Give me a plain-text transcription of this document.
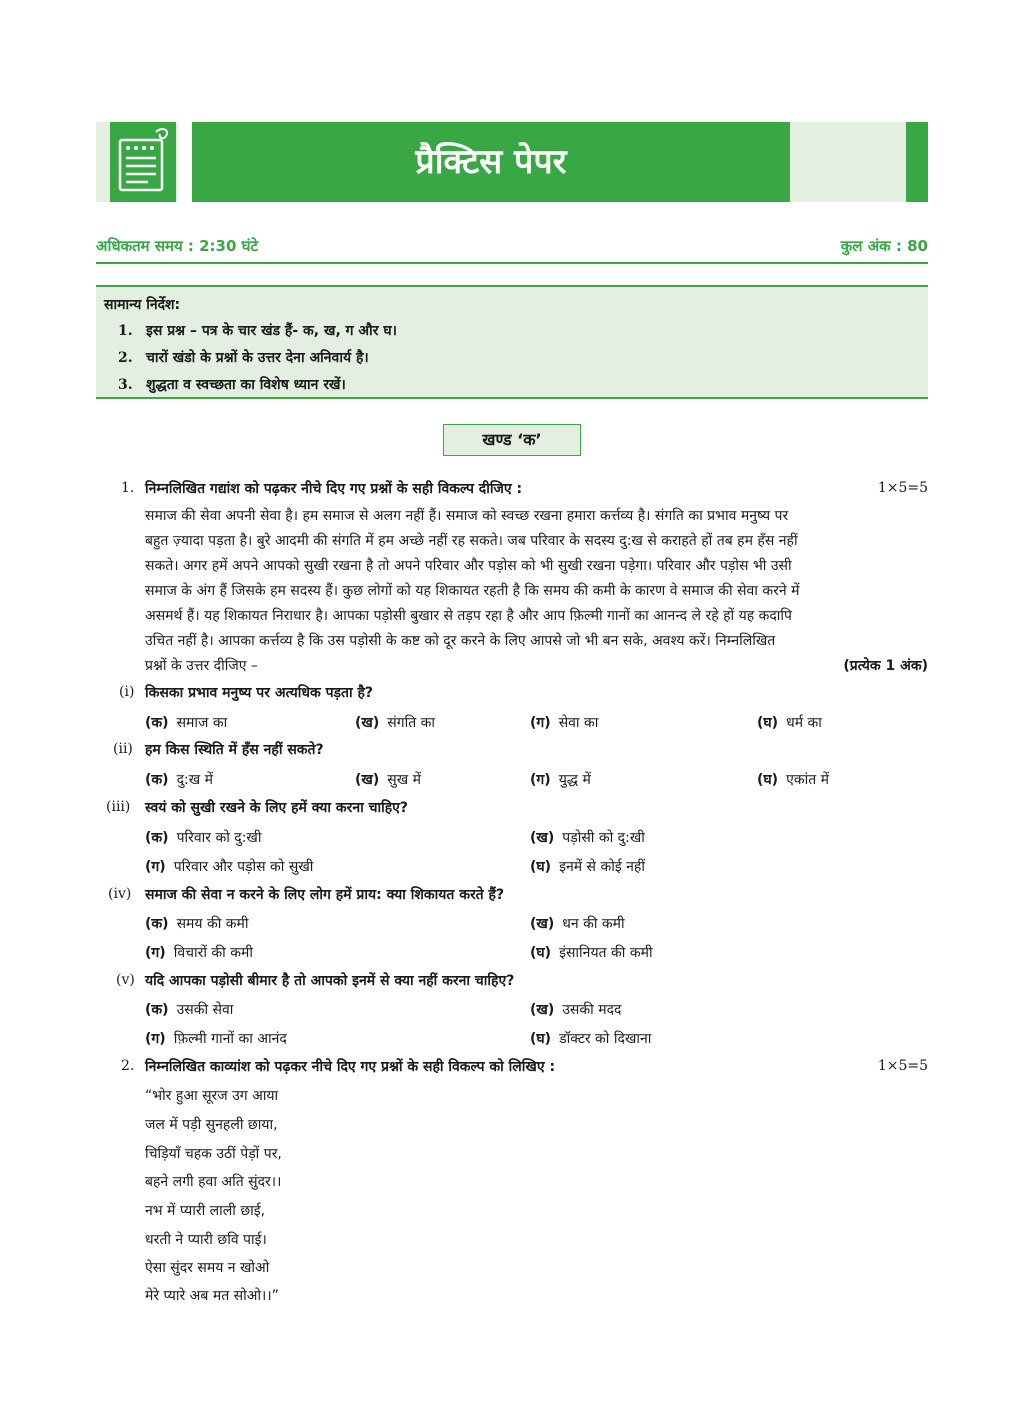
प्रैक्टिस पेपर
अधिकतम समय : 2:30 घंटे	कुल अंक : 80
सामान्य निर्देश:
1. इस प्रश्न – पत्र के चार खंड हैं- क, ख, ग और घ।
2. चारों खंडो के प्रश्नों के उत्तर देना अनिवार्य है।
3. शुद्धता व स्वच्छता का विशेष ध्यान रखें।
खण्ड ‘क’
1. निम्नलिखित गद्यांश को पढ़कर नीचे दिए गए प्रश्नों के सही विकल्प दीजिए :	1×5=5
समाज की सेवा अपनी सेवा है। हम समाज से अलग नहीं हैं। समाज को स्वच्छ रखना हमारा कर्त्तव्य है। संगति का प्रभाव मनुष्य पर
बहुत ज़्यादा पड़ता है। बुरे आदमी की संगति में हम अच्छे नहीं रह सकते। जब परिवार के सदस्य दु:ख से कराहते हों तब हम हँस नहीं
सकते। अगर हमें अपने आपको सुखी रखना है तो अपने परिवार और पड़ोस को भी सुखी रखना पड़ेगा। परिवार और पड़ोस भी उसी
समाज के अंग हैं जिसके हम सदस्य हैं। कुछ लोगों को यह शिकायत रहती है कि समय की कमी के कारण वे समाज की सेवा करने में
असमर्थ हैं। यह शिकायत निराधार है। आपका पड़ोसी बुखार से तड़प रहा है और आप फ़िल्मी गानों का आनन्द ले रहे हों यह कदापि
उचित नहीं है। आपका कर्त्तव्य है कि उस पड़ोसी के कष्ट को दूर करने के लिए आपसे जो भी बन सके, अवश्य करें। निम्नलिखित
प्रश्नों के उत्तर दीजिए –	(प्रत्येक 1 अंक)
(i) किसका प्रभाव मनुष्य पर अत्यधिक पड़ता है?
(क) समाज का	(ख) संगति का	(ग) सेवा का	(घ) धर्म का
(ii) हम किस स्थिति में हँस नहीं सकते?
(क) दु:ख में	(ख) सुख में	(ग) युद्ध में	(घ) एकांत में
(iii) स्वयं को सुखी रखने के लिए हमें क्या करना चाहिए?
(क) परिवार को दु:खी	(ख) पड़ोसी को दु:खी
(ग) परिवार और पड़ोस को सुखी	(घ) इनमें से कोई नहीं
(iv) समाज की सेवा न करने के लिए लोग हमें प्राय: क्या शिकायत करते हैं?
(क) समय की कमी	(ख) धन की कमी
(ग) विचारों की कमी	(घ) इंसानियत की कमी
(v) यदि आपका पड़ोसी बीमार है तो आपको इनमें से क्या नहीं करना चाहिए?
(क) उसकी सेवा	(ख) उसकी मदद
(ग) फ़िल्मी गानों का आनंद	(घ) डॉक्टर को दिखाना
2. निम्नलिखित काव्यांश को पढ़कर नीचे दिए गए प्रश्नों के सही विकल्प को लिखिए :	1×5=5
“भोर हुआ सूरज उग आया
जल में पड़ी सुनहली छाया,
चिड़ियाँ चहक उठीं पेड़ों पर,
बहने लगी हवा अति सुंदर।।
नभ में प्यारी लाली छाई,
धरती ने प्यारी छवि पाई।
ऐसा सुंदर समय न खोओ
मेरे प्यारे अब मत सोओ।।”
